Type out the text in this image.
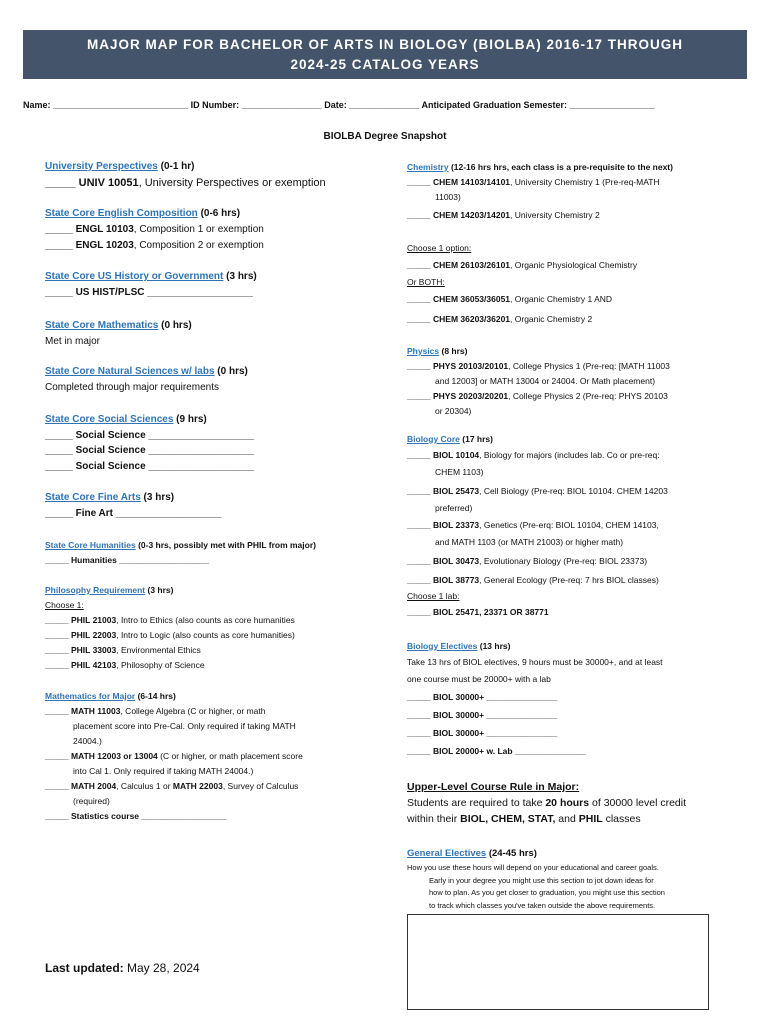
MAJOR MAP FOR BACHELOR OF ARTS IN BIOLOGY (BIOLBA) 2016-17 THROUGH
2024-25 CATALOG YEARS
Name: ___________________________ ID Number: ________________ Date: ______________ Anticipated Graduation Semester: _________________
BIOLBA Degree Snapshot
University Perspectives (0-1 hr)
_____ UNIV 10051, University Perspectives or exemption
State Core English Composition (0-6 hrs)
_____ ENGL 10103, Composition 1 or exemption
_____ ENGL 10203, Composition 2 or exemption
State Core US History or Government (3 hrs)
_____ US HIST/PLSC ___________________
State Core Mathematics (0 hrs)
Met in major
State Core Natural Sciences w/ labs (0 hrs)
Completed through major requirements
State Core Social Sciences (9 hrs)
_____ Social Science ___________________
_____ Social Science ___________________
_____ Social Science ___________________
State Core Fine Arts (3 hrs)
_____ Fine Art ___________________
State Core Humanities (0-3 hrs, possibly met with PHIL from major)
_____ Humanities ___________________
Philosophy Requirement (3 hrs)
Choose 1:
_____ PHIL 21003, Intro to Ethics (also counts as core humanities
_____ PHIL 22003, Intro to Logic (also counts as core humanities)
_____ PHIL 33003, Environmental Ethics
_____ PHIL 42103, Philosophy of Science
Mathematics for Major (6-14 hrs)
_____ MATH 11003, College Algebra (C or higher, or math
placement score into Pre-Cal. Only required if taking MATH
24004.)
_____ MATH 12003 or 13004 (C or higher, or math placement score
into Cal 1. Only required if taking MATH 24004.)
_____ MATH 2004, Calculus 1 or MATH 22003, Survey of Calculus
(required)
_____ Statistics course __________________
Last updated: May 28, 2024
Chemistry (12-16 hrs hrs, each class is a pre-requisite to the next)
_____ CHEM 14103/14101, University Chemistry 1 (Pre-req-MATH
11003)
_____ CHEM 14203/14201, University Chemistry 2
Choose 1 option:
_____ CHEM 26103/26101, Organic Physiological Chemistry
Or BOTH:
_____ CHEM 36053/36051, Organic Chemistry 1 AND
_____ CHEM 36203/36201, Organic Chemistry 2
Physics (8 hrs)
_____ PHYS 20103/20101, College Physics 1 (Pre-req: [MATH 11003
and 12003] or MATH 13004 or 24004. Or Math placement)
_____ PHYS 20203/20201, College Physics 2 (Pre-req: PHYS 20103
or 20304)
Biology Core (17 hrs)
_____ BIOL 10104, Biology for majors (includes lab. Co or pre-req:
CHEM 1103)
_____ BIOL 25473, Cell Biology (Pre-req: BIOL 10104. CHEM 14203
preferred)
_____ BIOL 23373, Genetics (Pre-erq: BIOL 10104, CHEM 14103,
and MATH 1103 (or MATH 21003) or higher math)
_____ BIOL 30473, Evolutionary Biology (Pre-req: BIOL 23373)
_____ BIOL 38773, General Ecology (Pre-req: 7 hrs BIOL classes)
Choose 1 lab:
_____ BIOL 25471, 23371 OR 38771
Biology Electives (13 hrs)
Take 13 hrs of BIOL electives, 9 hours must be 30000+, and at least
one course must be 20000+ with a lab
_____ BIOL 30000+ _______________
_____ BIOL 30000+ _______________
_____ BIOL 30000+ _______________
_____ BIOL 20000+ w. Lab _______________
Upper-Level Course Rule in Major:
Students are required to take 20 hours of 30000 level credit
within their BIOL, CHEM, STAT, and PHIL classes
General Electives (24-45 hrs)
How you use these hours will depend on your educational and career goals.
Early in your degree you might use this section to jot down ideas for
how to plan. As you get closer to graduation, you might use this section
to track which classes you've taken outside the above requirements.
